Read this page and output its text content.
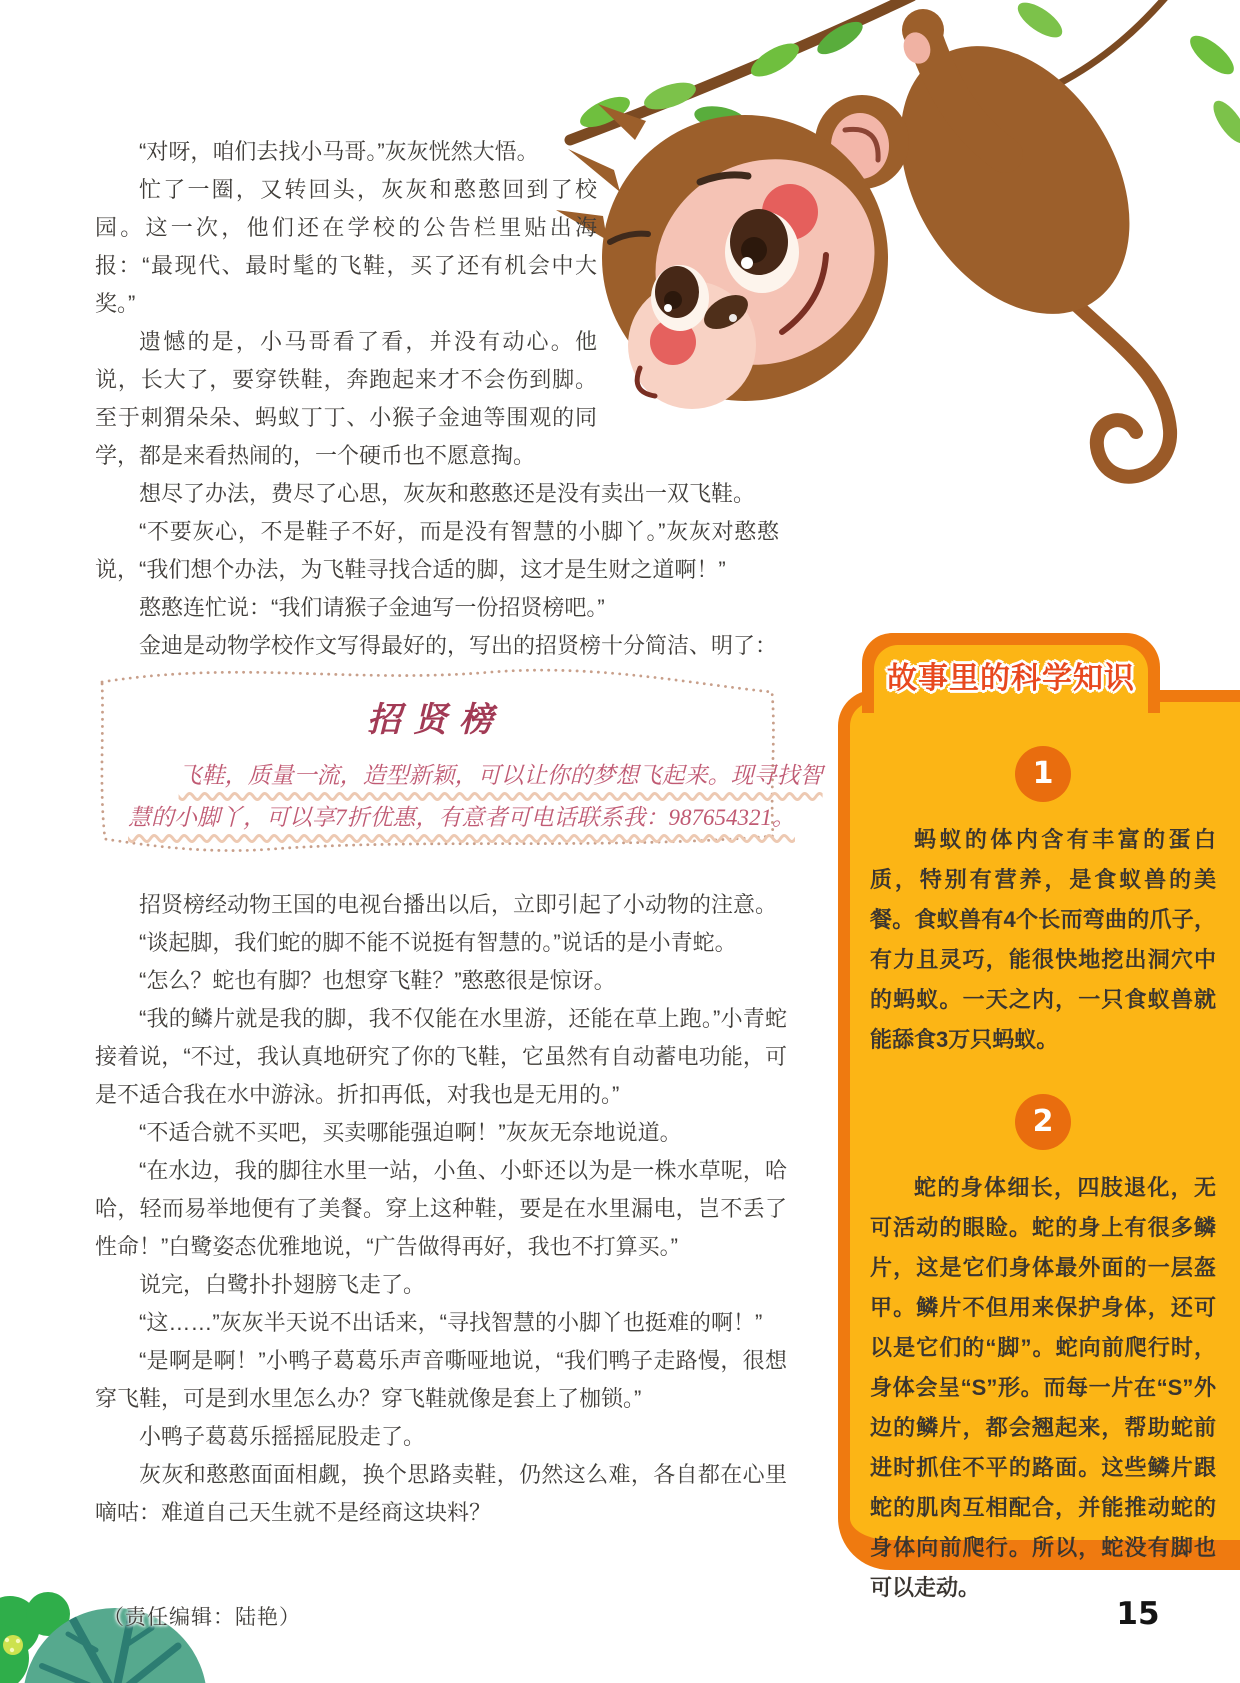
“对呀，咱们去找小马哥。”灰灰恍然大悟。

忙了一圈，又转回头，灰灰和憨憨回到了校园。这一次，他们还在学校的公告栏里贴出海报：“最现代、最时髦的飞鞋，买了还有机会中大奖。”

遗憾的是，小马哥看了看，并没有动心。他说，长大了，要穿铁鞋，奔跑起来才不会伤到脚。至于刺猬朵朵、蚂蚁丁丁、小猴子金迪等围观的同学，都是来看热闹的，一个硬币也不愿意掏。

想尽了办法，费尽了心思，灰灰和憨憨还是没有卖出一双飞鞋。

“不要灰心，不是鞋子不好，而是没有智慧的小脚丫。”灰灰对憨憨说，“我们想个办法，为飞鞋寻找合适的脚，这才是生财之道啊！”

憨憨连忙说：“我们请猴子金迪写一份招贤榜吧。”

金迪是动物学校作文写得最好的，写出的招贤榜十分简洁、明了：

招贤榜
飞鞋，质量一流，造型新颖，可以让你的梦想飞起来。现寻找智
慧的小脚丫，可以享7折优惠，有意者可电话联系我：987654321。

招贤榜经动物王国的电视台播出以后，立即引起了小动物的注意。

“谈起脚，我们蛇的脚不能不说挺有智慧的。”说话的是小青蛇。

“怎么？蛇也有脚？也想穿飞鞋？”憨憨很是惊讶。

“我的鳞片就是我的脚，我不仅能在水里游，还能在草上跑。”小青蛇接着说，“不过，我认真地研究了你的飞鞋，它虽然有自动蓄电功能，可是不适合我在水中游泳。折扣再低，对我也是无用的。”

“不适合就不买吧，买卖哪能强迫啊！”灰灰无奈地说道。

“在水边，我的脚往水里一站，小鱼、小虾还以为是一株水草呢，哈哈，轻而易举地便有了美餐。穿上这种鞋，要是在水里漏电，岂不丢了性命！”白鹭姿态优雅地说，“广告做得再好，我也不打算买。”

说完，白鹭扑扑翅膀飞走了。

“这……”灰灰半天说不出话来，“寻找智慧的小脚丫也挺难的啊！”

“是啊是啊！”小鸭子葛葛乐声音嘶哑地说，“我们鸭子走路慢，很想穿飞鞋，可是到水里怎么办？穿飞鞋就像是套上了枷锁。”

小鸭子葛葛乐摇摇屁股走了。

灰灰和憨憨面面相觑，换个思路卖鞋，仍然这么难，各自都在心里嘀咕：难道自己天生就不是经商这块料？

故事里的科学知识
1

蚂蚁的体内含有丰富的蛋白质，特别有营养，是食蚁兽的美餐。食蚁兽有4个长而弯曲的爪子，有力且灵巧，能很快地挖出洞穴中的蚂蚁。一天之内，一只食蚁兽就能舔食3万只蚂蚁。

2

蛇的身体细长，四肢退化，无可活动的眼睑。蛇的身上有很多鳞片，这是它们身体最外面的一层盔甲。鳞片不但用来保护身体，还可以是它们的“脚”。蛇向前爬行时，身体会呈“S”形。而每一片在“S”外边的鳞片，都会翘起来，帮助蛇前进时抓住不平的路面。这些鳞片跟蛇的肌肉互相配合，并能推动蛇的身体向前爬行。所以，蛇没有脚也可以走动。

（责任编辑：陆艳）	15
